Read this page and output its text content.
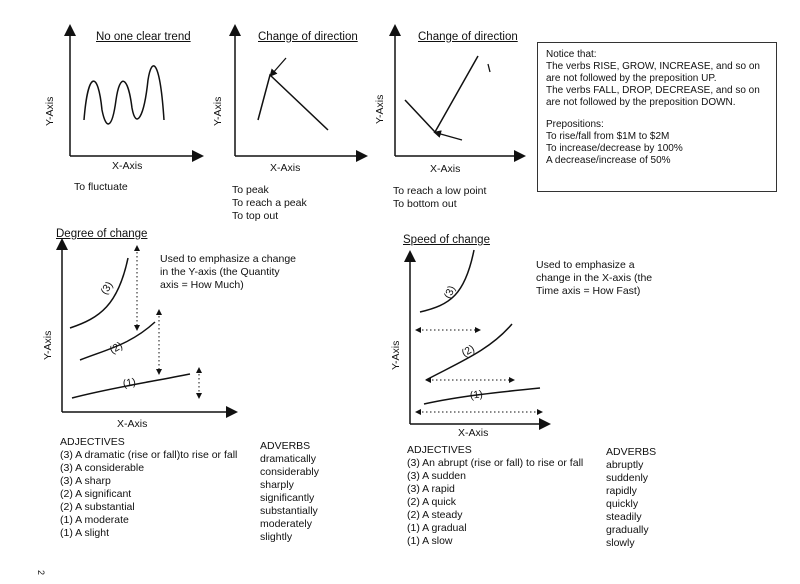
No one clear trend
Y-Axis
X-Axis
To fluctuate
Change of direction
Y-Axis
X-Axis
To peak
To reach a peak
To top out
Change of direction
Y-Axis
X-Axis
To reach a low point
To bottom out
Notice that:
The verbs RISE, GROW, INCREASE, and so on
are not followed by the preposition UP.
The verbs FALL, DROP, DECREASE, and so on
are not followed by the preposition DOWN.
Prepositions:
To rise/fall from $1M to $2M
To increase/decrease by 100%
A decrease/increase of 50%
Degree of change
Used to emphasize a change
in the Y-axis (the Quantity
axis = How Much)
(3)
(2)
(1)
Y-Axis
X-Axis
ADJECTIVES
(3) A dramatic (rise or fall)to rise or fall
(3) A considerable
(3) A sharp
(2) A significant
(2) A substantial
(1) A moderate
(1) A slight
ADVERBS
dramatically
considerably
sharply
significantly
substantially
moderately
slightly
Speed of change
Used to emphasize a
change in the X-axis (the
Time axis = How Fast)
(3)
(2)
(1)
Y-Axis
X-Axis
ADJECTIVES
(3) An abrupt (rise or fall) to rise or fall
(3) A sudden
(3) A rapid
(2) A quick
(2) A steady
(1) A gradual
(1) A slow
ADVERBS
abruptly
suddenly
rapidly
quickly
steadily
gradually
slowly
2
